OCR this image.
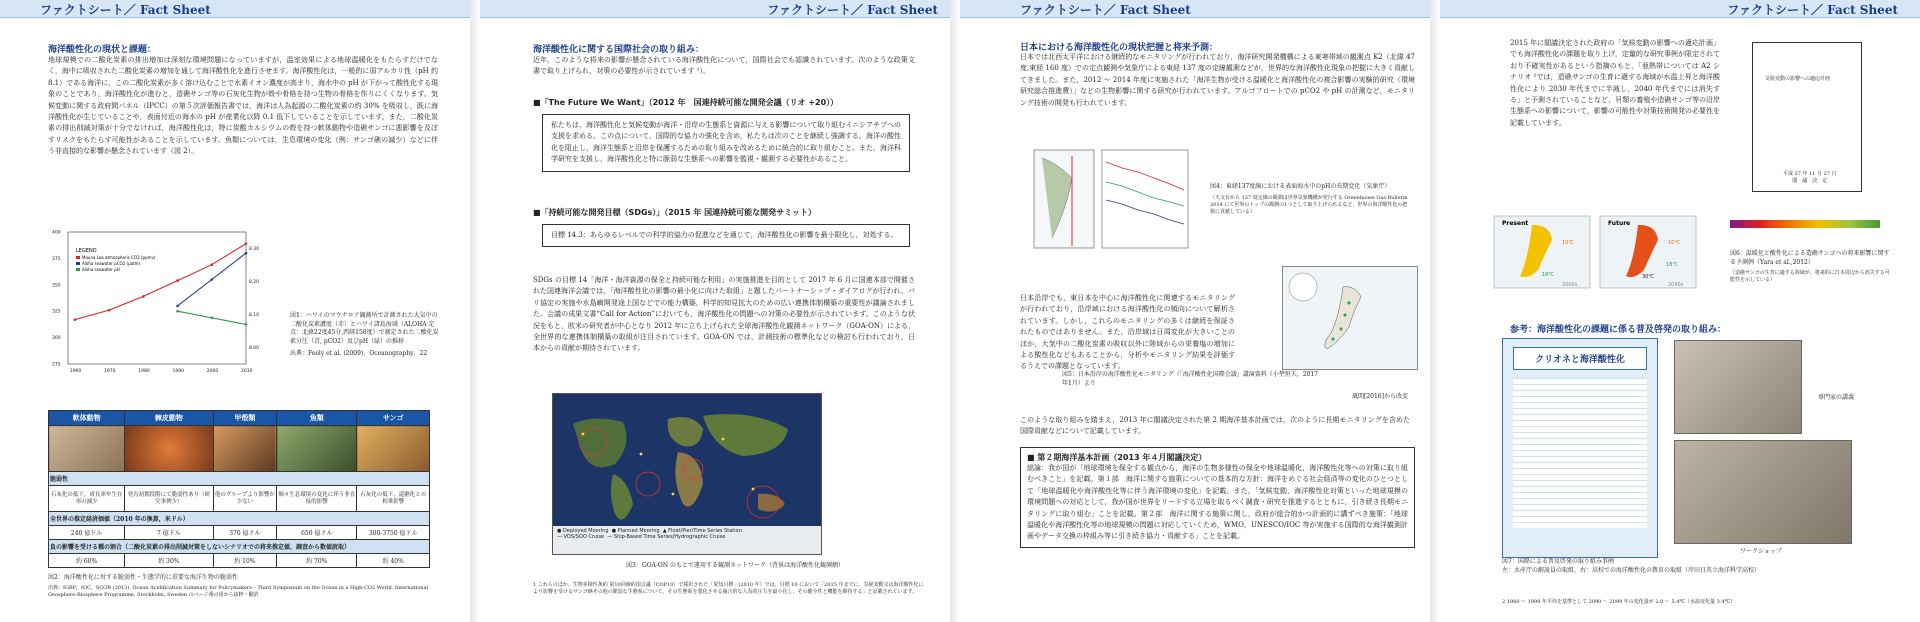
ファクトシート／ Fact Sheet
海洋酸性化の現状と課題：
地球規模での二酸化炭素の排出増加は深刻な環境問題になっていますが，温室効果による地球温暖化をもたらすだけでなく，海中に吸収された二酸化炭素の増加を通して海洋酸性化を進行させます。海洋酸性化は，一般的に弱アルカリ性（pH 約 8.1）である海洋に，この二酸化炭素が多く溶け込むことで水素イオン濃度が高まり，海水中の pH が下がって酸性化する現象のことであり，海洋酸性化が進むと，造礁サンゴ等の石灰化生物が殻や骨格を持つ生物の骨格を作りにくくなります。気候変動に関する政府間パネル（IPCC）の第５次評価報告書では，海洋は人為起源の二酸化炭素の約 30% を吸収し，既に海洋酸性化が生じていることや，表面付近の海水の pH が産業化以降 0.1 低下していることを示しています。また，二酸化炭素の排出削減対策が十分でなければ，海洋酸性化は，特に炭酸カルシウムの殻を持つ軟体動物や造礁サンゴに悪影響を及ぼすリスクをもたらす可能性があることを示しています。魚類については，生息環境の変化（例：サンゴ礁の減少）などに伴う非直接的な影響が懸念されています（図 2）。
LEGEND
Mauna Loa atmospheric CO2 (ppmv)
Aloha seawater pCO2 (µatm)
Aloha seawater pH
1960	1970	1980	1990	2000	2010
275
300
325
350
375
400
8.00
8.10
8.20
8.30
図1：ハワイのマウナロア観測所で計測された大気中の二酸化炭素濃度（赤）とハワイ諸島海域（ALOHA 定点：北緯22度45分,西経158度）で測定された二酸化炭素分圧（青, pCO2）及びpH（緑）の推移
出典：Feely et al. (2009)，Oceanography，22
軟体動物	棘皮動物	甲殻類	魚類	サンゴ

脆弱性				
石灰化の低下，成長率や生存率の減少	発育初期段階にて脆弱性あり（研究事例少）	他のグループより影響が少ない	個々生息環境の変化に伴う非直接的影響	石灰化の低下，還礁化との相乗影響
全世界の推定経済価値（2010 年の換算，米ドル）				
240 億ドル	7 億ドル	370 億ドル	650 億ドル	300-3750 億ドル
負の影響を受ける種の割合（二酸化炭素の排出削減対策をしないシナリオでの将来推定値，調査から数値読取）				
約 60%	約 30%	約 10%	約 70%	約 40%
図2：海洋酸性化に対する脆弱性・生態学的に重要な海洋生物の脆弱性
出典：IGBP，IOC，SCOR (2013). Ocean Acidification Summary for Policymakers – Third Symposium on the Ocean in a High-CO2 World. International Geosphere-Biosphere Programme, Stockholm, Sweden のページ番の図から抜粋・翻訳
ファクトシート／ Fact Sheet
海洋酸性化に関する国際社会の取り組み：
近年，このような将来の影響が懸念されている海洋酸性化について，国際社会でも認識されています。次のような政策文書で取り上げられ，対策の必要性が示されています ¹）。
■「The Future We Want」（2012 年　国連持続可能な開発会議（リオ +20））
私たちは，海洋酸性化と気候変動が海洋・沿岸の生態系と資源に与える影響について取り組むイニシアチブへの支援を求める。この点について，国際的な協力の強化を含め，私たちは次のことを継続し強調する。海洋の酸性化を阻止し，海洋生態系と沿岸を保護するための取り組みを改めるために統合的に取り組むこと。また，海洋科学研究を支援し，海洋酸性化と特に脆弱な生態系への影響を監視・観測する必要性があること。
■「持続可能な開発目標（SDGs）」（2015 年 国連持続可能な開発サミット）
目標 14.3：あらゆるレベルでの科学的協力の促進などを通じて，海洋酸性化の影響を最小限化し，対処する。
SDGs の目標 14「海洋・海洋資源の保全と持続可能な利用」の実施推進を目的として 2017 年 6 月に国連本部で開催された国連海洋会議では，「海洋酸性化の影響の最小化に向けた取組」と題したパートナーシップ・ダイアログが行われ，パリ協定の実施や水島嶼開発途上国などでの能力構築，科学的知見拡大のための広い連携体制構築の重要性が議論されました。会議の成果文書“Call for Action”においても，海洋酸性化の問題への対策の必要性が示されています。このような状況をもと，欧米の研究者が中心となり 2012 年に立ち上げられた全球海洋酸性化観測ネットワーク（GOA-ON）による，全世界的な連携体制構築の取組が注目されています。GOA-ON では，計測技術の標準化などの検討も行われており，日本からの貢献が期待されています。
● Deployed Mooring ● Planned Mooring ▲ Float/Pier/Time Series Station
— VOS/SOO Cruise — Ship-Based Time Series/Hydrographic Cruise
図3：GOA-ON のもとで運用する観測ネットワーク（背景は海洋酸性化観測網）
1 これらのほか，生物多様性条約 第10回締約国会議（COP10）で採択された「愛知目標」(2010 年）では，目標 10 において「2015 年までに，気候変動又は海洋酸性化により影響を受けるサンゴ礁その他の脆弱な生態系について，その生態系を悪化させる複合的な人為的圧力を最小化し，その健全性と機能を維持する」と記載されています。
ファクトシート／ Fact Sheet
日本における海洋酸性化の現状把握と将来予測：
日本では北西太平洋における継続的なモニタリングが行われており，海洋研究開発機構による東寒帯域の観測点 K2（北緯 47 度,東経 160 度）での定点観測や気象庁による東経 137 度の定線観測などが，世界的な海洋酸性化現象の把握に大きく貢献してきました。また，2012 ～ 2014 年度に実施された「海洋生物が受ける温暖化と海洋酸性化の複合影響の実験的研究（環境研究総合推進費）」などの生物影響に関する研究が行われています。アルゴフロートでの pCO2 や pH の計測など，モニタリング技術の開発も行われています。
図4：東経137度線における表面海水中のpHの長期変化（気象庁）
（天文台から 137 度定線の観測は世界気象機構が発行する Greenhouse Gas Bulletin 2014 にて世界のトップの観測の1つとして取り上げられるなど，世界の海洋酸性化の把握に貢献している）
日本沿岸でも，東日本を中心に海洋酸性化に関連するモニタリングが行われており，沿岸域における海洋酸性化の傾向について解析されています。しかし，これらのモニタリングの多くは継続を保証されたものではありません。また，沿岸域は日周変化が大きいことのほか，大気中の二酸化炭素の吸収以外に陸域からの栄養塩の増加による酸性化などもあることから，分析やモニタリング結果を評価するうえでの課題となっています。
図5：日本沿岸の海洋酸性化モニタリング（「海洋酸性化国際会議」講演資料（小埜恒夫，2017年1月）より
風間[2016]から改変
このような取り組みを踏まえ，2013 年に閣議決定された第 2 期海洋基本計画では，次のように長期モニタリングを含めた国際貢献などについて記載しています。
■ 第２期海洋基本計画（2013 年４月閣議決定）
総論：我が国が「地球環境を保全する観点から，海洋の生物多様性の保全や地球温暖化，海洋酸性化等への対策に取り組むべきこと」を記載。第１部　海洋に関する施策についての基本的な方針：海洋をめぐる社会経済等の変化のひとつとして「地球温暖化や海洋酸性化等に伴う海洋環境の変化」を記載。また，「気候変動，海洋酸性化対策といった地球規模の環境問題への対応として，我が国が世界をリードする立場を取るべく調査・研究を推進するとともに，引き続き長期モニタリングに取り組む」ことを記載。第２部　海洋に関する施策に関し，政府が総合的かつ計画的に講ずべき施策：「地球温暖化や海洋酸性化等の地球規模の問題に対応していくため，WMO，UNESCO/IOC 等が実施する国際的な海洋観測計画やデータ交換の枠組み等に引き続き協力・貢献する」ことを記載。
ファクトシート／ Fact Sheet
2015 年に閣議決定された政府の「気候変動の影響への適応計画」でも海洋酸性化の課題を取り上げ，定量的な研究事例が限定されており不確実性があるという指摘のもと，「亜熱帯については A2 シナリオ ²では，造礁サンゴの生育に適する海域が水温上昇と海洋酸性化により 2030 年代までに半減し，2040 年代までには消失する」と予測されていることなど，貝類の養殖や造礁サンゴ等の沿岸生態系への影響について，影響の可能性や対策技術開発の必要性を記載しています。
気候変動の影響への適応計画
平成 27 年 11 月 27 日
閣　議　決　定
Present	Future
10℃
18℃
10℃
18℃
30℃
2000s	2090s
図6：温暖化と酸性化による造礁サンゴへの将来影響に関する予測例（Yara et al.,2012）
（造礁サンゴの生育に適する海域が，将来的に日本周辺から消失する可能性を示している）
参考：海洋酸性化の課題に係る普及啓発の取り組み：
クリオネと海洋酸性化
専門家の講義
ワークショップ
図7：国際による普及啓発の取り組み事例
左：水産庁の解説員の取組，右：高校での海洋酸性化の教育の取組（岸田日英立海洋科学高校）
2 1980 ～ 1999 年平均を基準として 2090 ～ 2099 年の変化量が 2.0 ～ 5.4℃（水温変化量 3.4℃）
